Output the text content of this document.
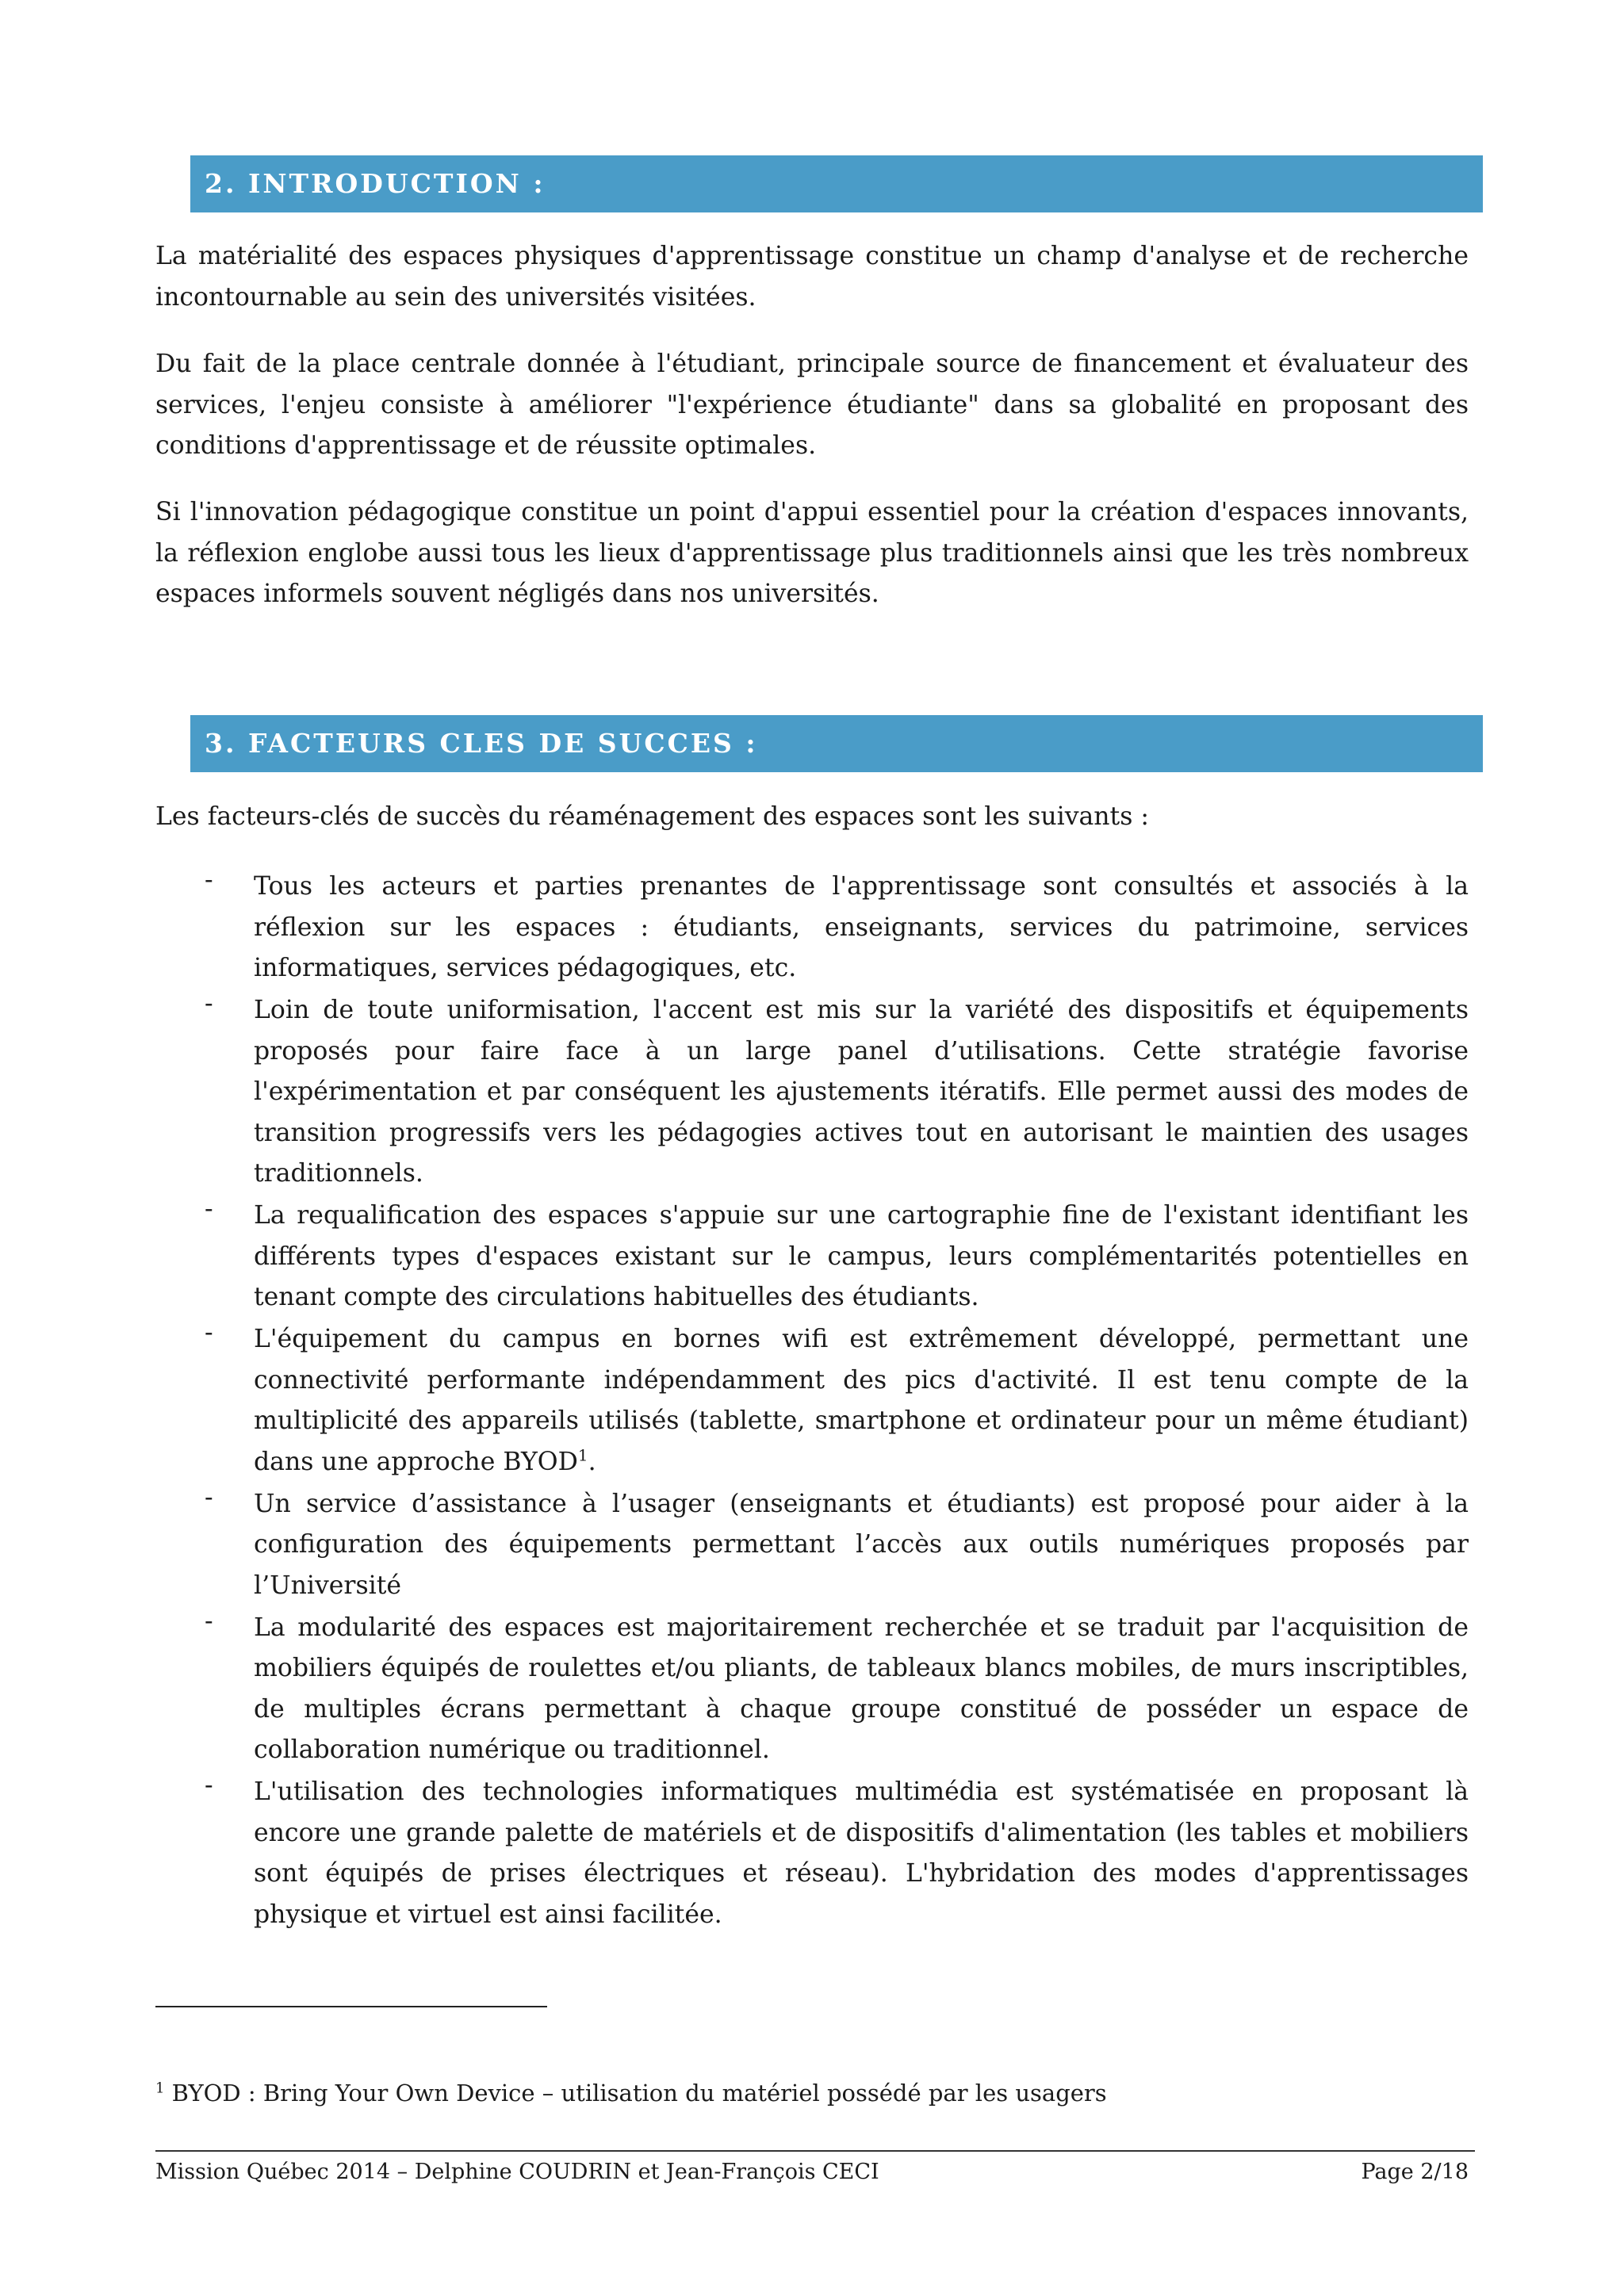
2. INTRODUCTION :

La matérialité des espaces physiques d'apprentissage constitue un champ d'analyse et de recherche incontournable au sein des universités visitées.

Du fait de la place centrale donnée à l'étudiant, principale source de financement et évaluateur des services, l'enjeu consiste à améliorer "l'expérience étudiante" dans sa globalité en proposant des conditions d'apprentissage et de réussite optimales.

Si l'innovation pédagogique constitue un point d'appui essentiel pour la création d'espaces innovants, la réflexion englobe aussi tous les lieux d'apprentissage plus traditionnels ainsi que les très nombreux espaces informels souvent négligés dans nos universités.

3. FACTEURS CLES DE SUCCES :

Les facteurs-clés de succès du réaménagement des espaces sont les suivants :

- Tous les acteurs et parties prenantes de l'apprentissage sont consultés et associés à la réflexion sur les espaces : étudiants, enseignants, services du patrimoine, services informatiques, services pédagogiques, etc.
- Loin de toute uniformisation, l'accent est mis sur la variété des dispositifs et équipements proposés pour faire face à un large panel d’utilisations. Cette stratégie favorise l'expérimentation et par conséquent les ajustements itératifs. Elle permet aussi des modes de transition progressifs vers les pédagogies actives tout en autorisant le maintien des usages traditionnels.
- La requalification des espaces s'appuie sur une cartographie fine de l'existant identifiant les différents types d'espaces existant sur le campus, leurs complémentarités potentielles en tenant compte des circulations habituelles des étudiants.
- L'équipement du campus en bornes wifi est extrêmement développé, permettant une connectivité performante indépendamment des pics d'activité. Il est tenu compte de la multiplicité des appareils utilisés (tablette, smartphone et ordinateur pour un même étudiant) dans une approche BYOD$^1$.
- Un service d’assistance à l’usager (enseignants et étudiants) est proposé pour aider à la configuration des équipements permettant l’accès aux outils numériques proposés par l’Université
- La modularité des espaces est majoritairement recherchée et se traduit par l'acquisition de mobiliers équipés de roulettes et/ou pliants, de tableaux blancs mobiles, de murs inscriptibles, de multiples écrans permettant à chaque groupe constitué de posséder un espace de collaboration numérique ou traditionnel.
- L'utilisation des technologies informatiques multimédia est systématisée en proposant là encore une grande palette de matériels et de dispositifs d'alimentation (les tables et mobiliers sont équipés de prises électriques et réseau). L'hybridation des modes d'apprentissages physique et virtuel est ainsi facilitée.
$^1$ BYOD : Bring Your Own Device – utilisation du matériel possédé par les usagers
Mission Québec 2014 – Delphine COUDRIN et Jean-François CECI	Page 2/18
